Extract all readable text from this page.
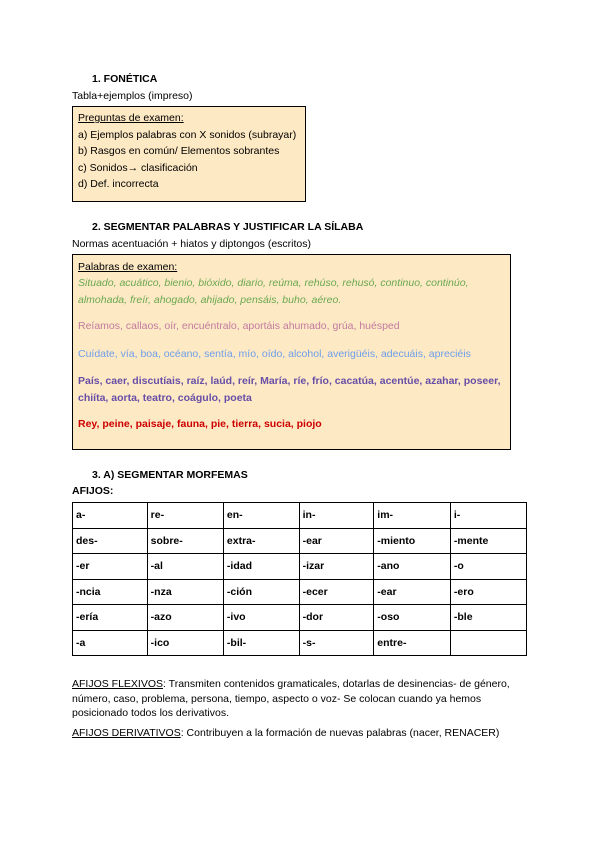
1. FONÉTICA
Tabla+ejemplos (impreso)
Preguntas de examen:
a) Ejemplos palabras con X sonidos (subrayar)
b) Rasgos en común/ Elementos sobrantes
c) Sonidos→ clasificación
d) Def. incorrecta
2. SEGMENTAR PALABRAS Y JUSTIFICAR LA SÍLABA
Normas acentuación + hiatos y diptongos (escritos)
Palabras de examen:
Situado, acuático, bienio, bióxido, diario, reúma, rehúso, rehusó, continuo, continúo,
almohada, freír, ahogado, ahijado, pensáis, buho, aéreo.
Reíamos, callaos, oír, encuéntralo, aportáis ahumado, grúa, huésped
Cuídate, vía, boa, océano, sentía, mío, oído, alcohol, averigüéis, adecuáis, apreciéis
País, caer, discutíais, raíz, laúd, reír, María, ríe, frío, cacatúa, acentúe, azahar, poseer,
chiíta, aorta, teatro, coágulo, poeta
Rey, peine, paisaje, fauna, pie, tierra, sucia, piojo
3. A) SEGMENTAR MORFEMAS
AFIJOS:
a-	re-	en-	in-	im-	i-
des-	sobre-	extra-	-ear	-miento	-mente
-er	-al	-idad	-izar	-ano	-o
-ncia	-nza	-ción	-ecer	-ear	-ero
-ería	-azo	-ivo	-dor	-oso	-ble
-a	-ico	-bil-	-s-	entre-	
AFIJOS FLEXIVOS: Transmiten contenidos gramaticales, dotarlas de desinencias- de género,
número, caso, problema, persona, tiempo, aspecto o voz- Se colocan cuando ya hemos
posicionado todos los derivativos.
AFIJOS DERIVATIVOS: Contribuyen a la formación de nuevas palabras (nacer, RENACER)
